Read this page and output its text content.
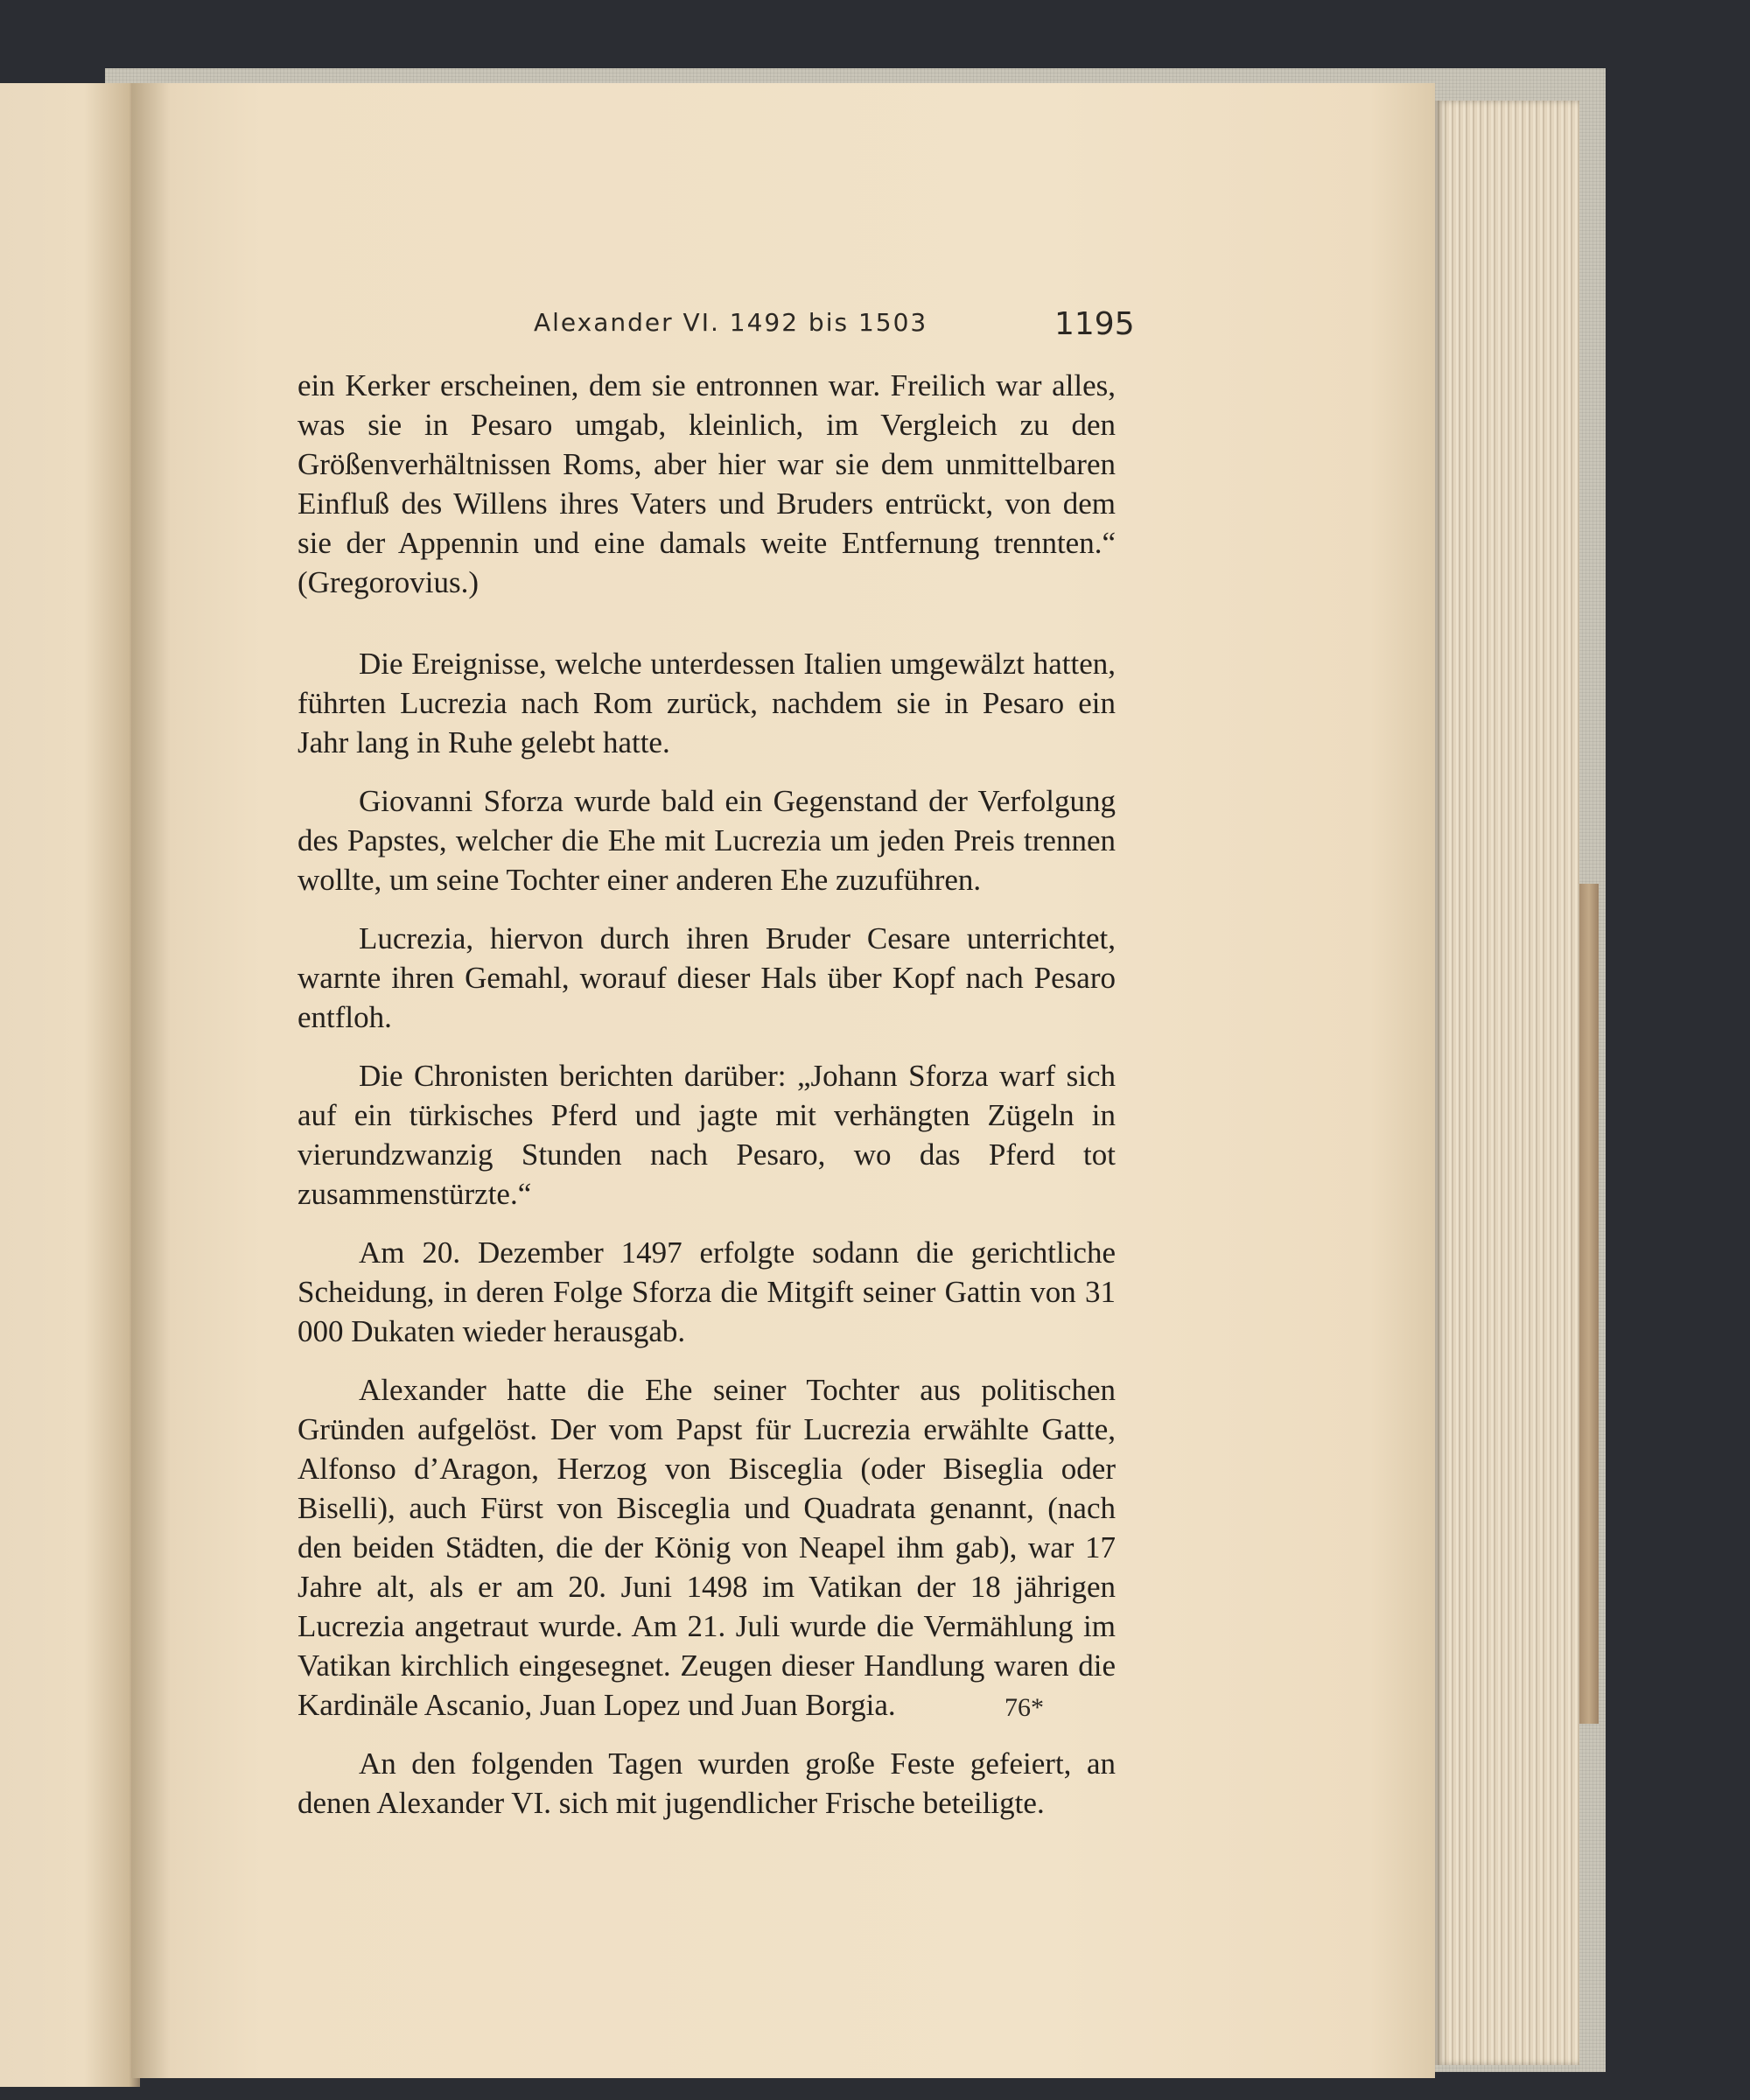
Alexander VI. 1492 bis 1503	1195

ein Kerker erscheinen, dem sie entronnen war. Freilich war alles, was sie in Pesaro umgab, kleinlich, im Vergleich zu den Größenverhältnissen Roms, aber hier war sie dem unmittelbaren Einfluß des Willens ihres Vaters und Bruders entrückt, von dem sie der Appennin und eine damals weite Entfernung trennten.“ (Gregorovius.)

Die Ereignisse, welche unterdessen Italien umgewälzt hatten, führten Lucrezia nach Rom zurück, nachdem sie in Pesaro ein Jahr lang in Ruhe gelebt hatte.

Giovanni Sforza wurde bald ein Gegenstand der Verfolgung des Papstes, welcher die Ehe mit Lucrezia um jeden Preis trennen wollte, um seine Tochter einer anderen Ehe zuzuführen.

Lucrezia, hiervon durch ihren Bruder Cesare unterrichtet, warnte ihren Gemahl, worauf dieser Hals über Kopf nach Pesaro entfloh.

Die Chronisten berichten darüber: „Johann Sforza warf sich auf ein türkisches Pferd und jagte mit verhängten Zügeln in vierundzwanzig Stunden nach Pesaro, wo das Pferd tot zusammenstürzte.“

Am 20. Dezember 1497 erfolgte sodann die gerichtliche Scheidung, in deren Folge Sforza die Mitgift seiner Gattin von 31 000 Dukaten wieder herausgab.

Alexander hatte die Ehe seiner Tochter aus politischen Gründen aufgelöst. Der vom Papst für Lucrezia erwählte Gatte, Alfonso d’Aragon, Herzog von Bisceglia (oder Biseglia oder Biselli), auch Fürst von Bisceglia und Quadrata genannt, (nach den beiden Städten, die der König von Neapel ihm gab), war 17 Jahre alt, als er am 20. Juni 1498 im Vatikan der 18 jährigen Lucrezia angetraut wurde. Am 21. Juli wurde die Vermählung im Vatikan kirchlich eingesegnet. Zeugen dieser Handlung waren die Kardinäle Ascanio, Juan Lopez und Juan Borgia.

An den folgenden Tagen wurden große Feste gefeiert, an denen Alexander VI. sich mit jugendlicher Frische beteiligte.

76*
